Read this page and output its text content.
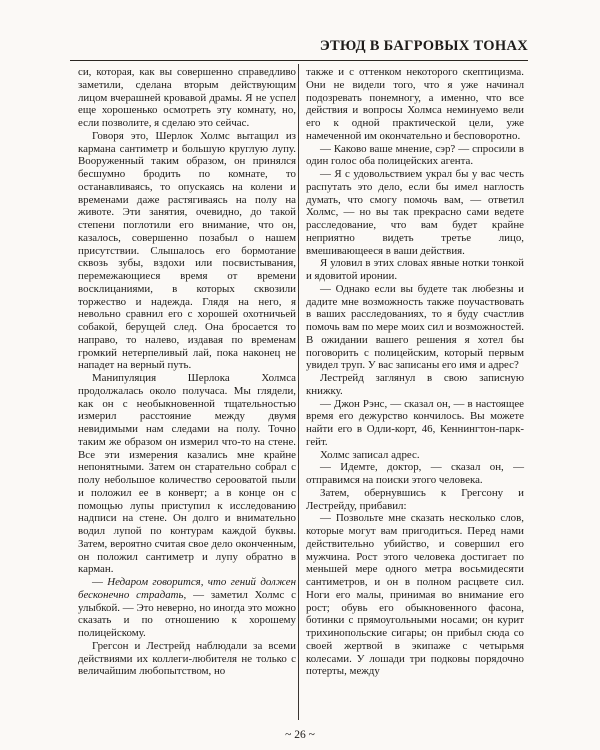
ЭТЮД В БАГРОВЫХ ТОНАХ

си, которая, как вы совершенно справедливо заметили, сделана вторым действующим лицом вчерашней кровавой драмы. Я не успел еще хорошенько осмотреть эту комнату, но, если позволите, я сделаю это сейчас.

Говоря это, Шерлок Холмс вытащил из кармана сантиметр и большую круглую лупу. Вооруженный таким образом, он принялся бесшумно бродить по комнате, то останавливаясь, то опускаясь на колени и временами даже растягиваясь на полу на животе. Эти занятия, очевидно, до такой степени поглотили его внимание, что он, казалось, совершенно позабыл о нашем присутствии. Слышалось его бормотание сквозь зубы, вздохи или посвистывания, перемежающиеся время от времени восклицаниями, в которых сквозили торжество и надежда. Глядя на него, я невольно сравнил его с хорошей охотничьей собакой, берущей след. Она бросается то направо, то налево, издавая по временам громкий нетерпеливый лай, пока наконец не нападет на верный путь.

Манипуляция Шерлока Холмса продолжалась около получаса. Мы глядели, как он с необыкновенной тщательностью измерил расстояние между двумя невидимыми нам следами на полу. Точно таким же образом он измерил что-то на стене. Все эти измерения казались мне крайне непонятными. Затем он старательно собрал с полу небольшое количество серооватой пыли и положил ее в конверт; а в конце он с помощью лупы приступил к исследованию надписи на стене. Он долго и внимательно водил лупой по контурам каждой буквы. Затем, вероятно считая свое дело оконченным, он положил сантиметр и лупу обратно в карман.

— Недаром говорится, что гений должен бесконечно страдать, — заметил Холмс с улыбкой. — Это неверно, но иногда это можно сказать и по отношению к хорошему полицейскому.

Грегсон и Лестрейд наблюдали за всеми действиями их коллеги-любителя не только с величайшим любопытством, но

также и с оттенком некоторого скептицизма. Они не видели того, что я уже начинал подозревать понемногу, а именно, что все действия и вопросы Холмса неминуемо вели его к одной практической цели, уже намеченной им окончательно и бесповоротно.

— Каково ваше мнение, сэр? — спросили в один голос оба полицейских агента.

— Я с удовольствием украл бы у вас честь распутать это дело, если бы имел наглость думать, что смогу помочь вам, — ответил Холмс, — но вы так прекрасно сами ведете расследование, что вам будет крайне неприятно видеть третье лицо, вмешивающееся в ваши действия.

Я уловил в этих словах явные нотки тонкой и ядовитой иронии.

— Однако если вы будете так любезны и дадите мне возможность также поучаствовать в ваших расследованиях, то я буду счастлив помочь вам по мере моих сил и возможностей. В ожидании вашего решения я хотел бы поговорить с полицейским, который первым увидел труп. У вас записаны его имя и адрес?

Лестрейд заглянул в свою записную книжку.

— Джон Рэнс, — сказал он, — в настоящее время его дежурство кончилось. Вы можете найти его в Одли-корт, 46, Кеннингтон-парк-гейт.

Холмс записал адрес.

— Идемте, доктор, — сказал он, — отправимся на поиски этого человека.

Затем, обернувшись к Грегсону и Лестрейду, прибавил:

— Позвольте мне сказать несколько слов, которые могут вам пригодиться. Перед нами действительно убийство, и совершил его мужчина. Рост этого человека достигает по меньшей мере одного метра восьмидесяти сантиметров, и он в полном расцвете сил. Ноги его малы, принимая во внимание его рост; обувь его обыкновенного фасона, ботинки с прямоугольными носами; он курит трихинопольские сигары; он прибыл сюда со своей жертвой в экипаже с четырьмя колесами. У лошади три подковы порядочно потерты, между

~ 26 ~
